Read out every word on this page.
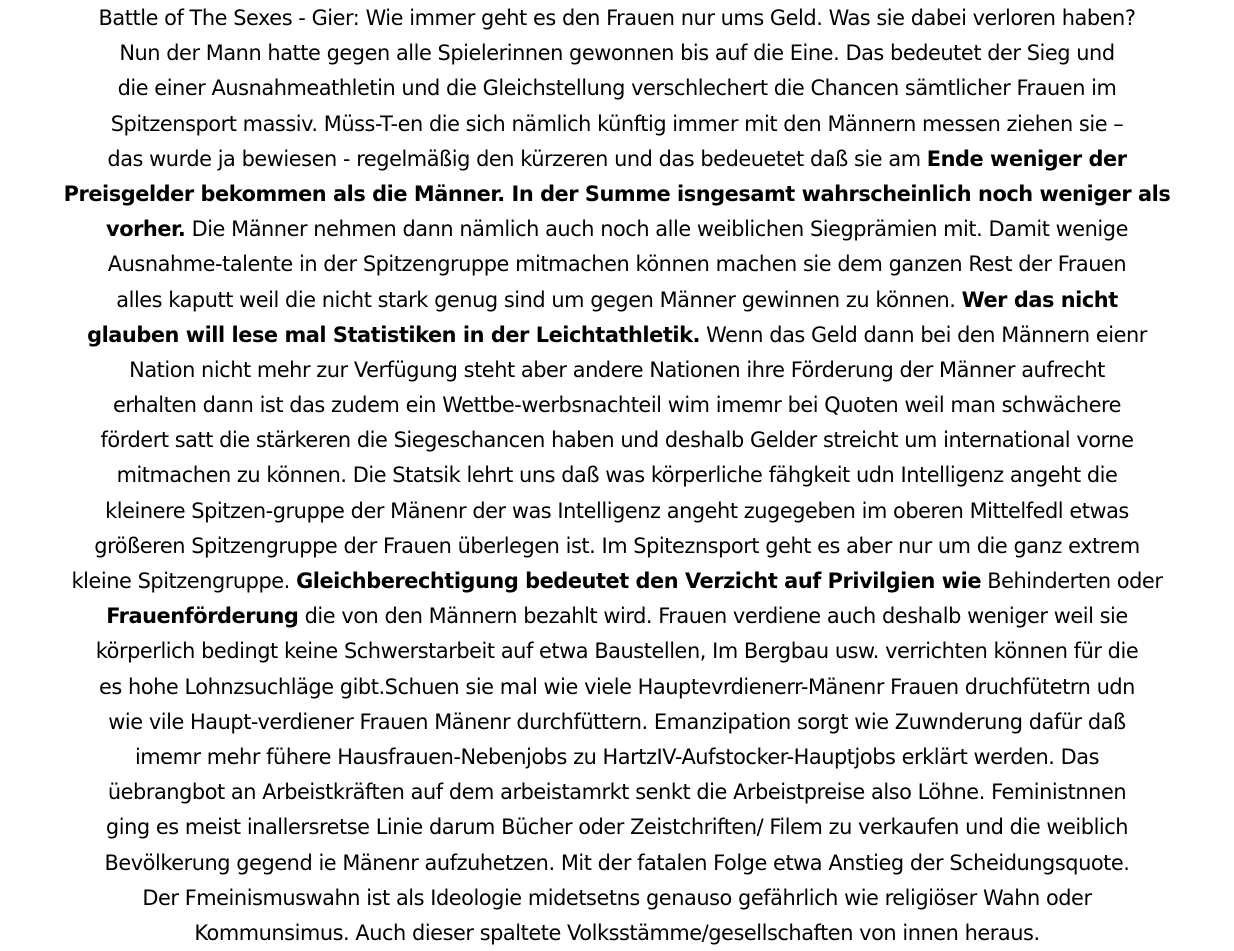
Battle of The Sexes - Gier: Wie immer geht es den Frauen nur ums Geld. Was sie dabei verloren haben?
Nun der Mann hatte gegen alle Spielerinnen gewonnen bis auf die Eine. Das bedeutet der Sieg und
die einer Ausnahmeathletin und die Gleichstellung verschlechert die Chancen sämtlicher Frauen im
Spitzensport massiv. Müss-T-en die sich nämlich künftig immer mit den Männern messen ziehen sie –
das wurde ja bewiesen - regelmäßig den kürzeren und das bedeuetet daß sie am Ende weniger der
Preisgelder bekommen als die Männer. In der Summe isngesamt wahrscheinlich noch weniger als
vorher. Die Männer nehmen dann nämlich auch noch alle weiblichen Siegprämien mit. Damit wenige
Ausnahme-talente in der Spitzengruppe mitmachen können machen sie dem ganzen Rest der Frauen
alles kaputt weil die nicht stark genug sind um gegen Männer gewinnen zu können. Wer das nicht
glauben will lese mal Statistiken in der Leichtathletik. Wenn das Geld dann bei den Männern eienr
Nation nicht mehr zur Verfügung steht aber andere Nationen ihre Förderung der Männer aufrecht
erhalten dann ist das zudem ein Wettbe-werbsnachteil wim imemr bei Quoten weil man schwächere
fördert satt die stärkeren die Siegeschancen haben und deshalb Gelder streicht um international vorne
mitmachen zu können. Die Statsik lehrt uns daß was körperliche fähgkeit udn Intelligenz angeht die
kleinere Spitzen-gruppe der Mänenr der was Intelligenz angeht zugegeben im oberen Mittelfedl etwas
größeren Spitzengruppe der Frauen überlegen ist. Im Spiteznsport geht es aber nur um die ganz extrem
kleine Spitzengruppe. Gleichberechtigung bedeutet den Verzicht auf Privilgien wie Behinderten oder
Frauenförderung die von den Männern bezahlt wird. Frauen verdiene auch deshalb weniger weil sie
körperlich bedingt keine Schwerstarbeit auf etwa Baustellen, Im Bergbau usw. verrichten können für die
es hohe Lohnzsuchläge gibt.Schuen sie mal wie viele Hauptevrdienerr-Mänenr Frauen druchfütetrn udn
wie vile Haupt-verdiener Frauen Mänenr durchfüttern. Emanzipation sorgt wie Zuwnderung dafür daß
imemr mehr fühere Hausfrauen-Nebenjobs zu HartzIV-Aufstocker-Hauptjobs erklärt werden. Das
üebrangbot an Arbeistkräften auf dem arbeistamrkt senkt die Arbeistpreise also Löhne. Feministnnen
ging es meist inallersretse Linie darum Bücher oder Zeistchriften/ Filem zu verkaufen und die weiblich
Bevölkerung gegend ie Mänenr aufzuhetzen. Mit der fatalen Folge etwa Anstieg der Scheidungsquote.
Der Fmeinismuswahn ist als Ideologie midetsetns genauso gefährlich wie religiöser Wahn oder
Kommunsimus. Auch dieser spaltete Volksstämme/gesellschaften von innen heraus.
